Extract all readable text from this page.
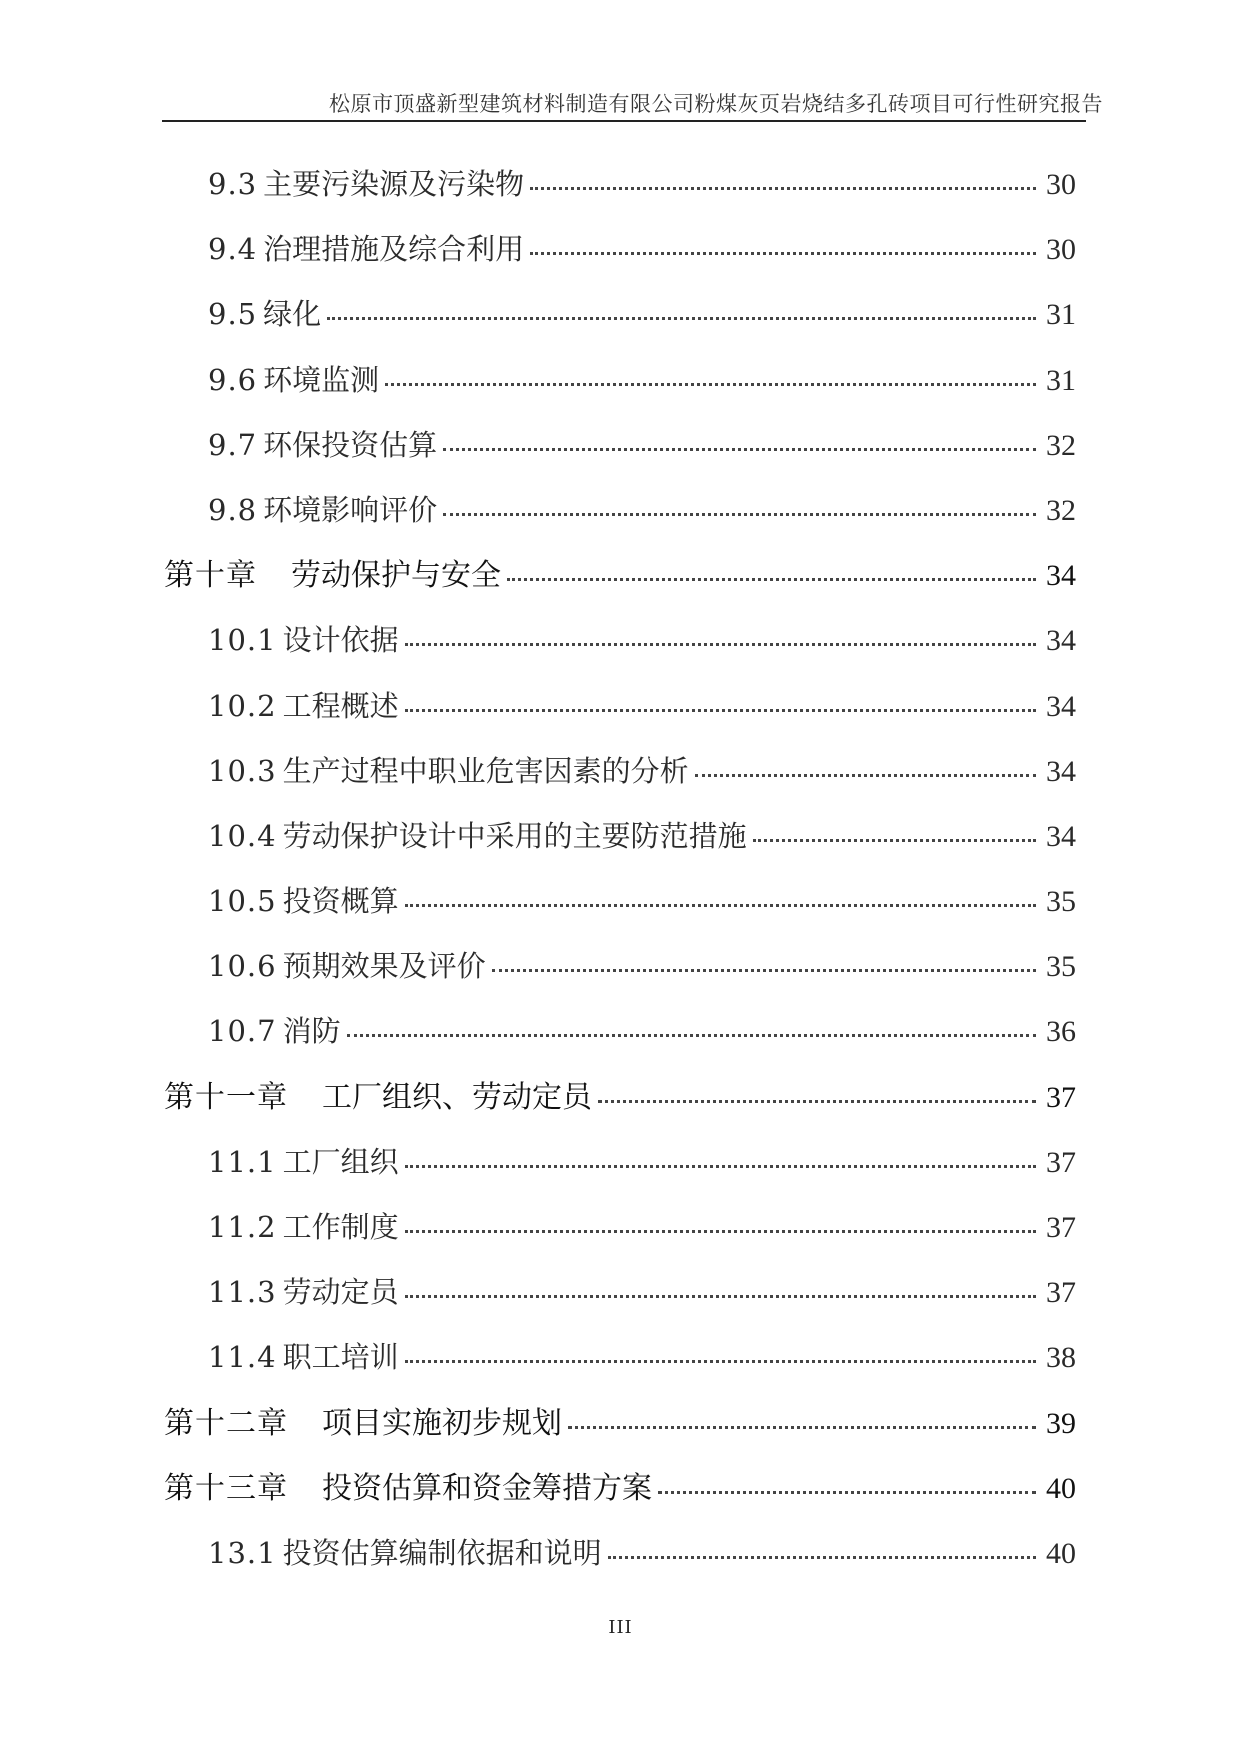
松原市顶盛新型建筑材料制造有限公司粉煤灰页岩烧结多孔砖项目可行性研究报告
9.3 主要污染源及污染物	30
9.4 治理措施及综合利用	30
9.5 绿化	31
9.6 环境监测	31
9.7 环保投资估算	32
9.8 环境影响评价	32
第十章	劳动保护与安全	34
10.1 设计依据	34
10.2 工程概述	34
10.3 生产过程中职业危害因素的分析	34
10.4 劳动保护设计中采用的主要防范措施	34
10.5 投资概算	35
10.6 预期效果及评价	35
10.7 消防	36
第十一章	工厂组织、劳动定员	37
11.1 工厂组织	37
11.2 工作制度	37
11.3 劳动定员	37
11.4 职工培训	38
第十二章	项目实施初步规划	39
第十三章	投资估算和资金筹措方案	40
13.1 投资估算编制依据和说明	40
III
